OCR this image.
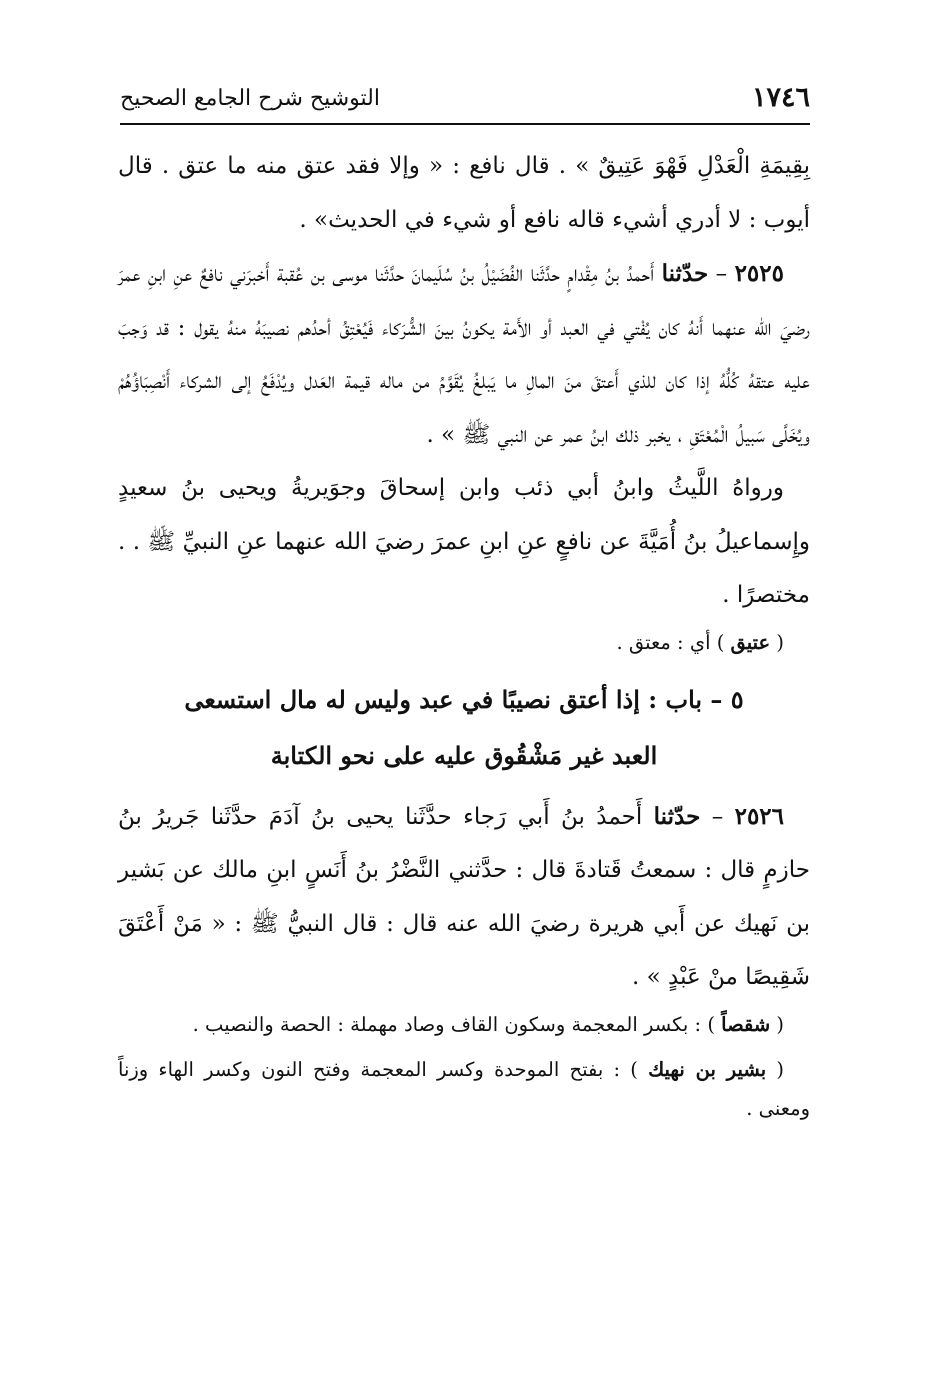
١٧٤٦
التوشيح شرح الجامع الصحيح

بِقِيمَةِ الْعَدْلِ فَهْوَ عَتِيقٌ » . قال نافع : « وإلا فقد عتق منه ما عتق . قال أيوب : لا أدري أشيء قاله نافع أو شيء في الحديث» .

٢٥٢٥ – حدّثنا أَحمدُ بنُ مِقْدامٍ حدَّثَنا الفُضَيْلُ بنُ سُلَيمانَ حدَّثَنا موسى بن عُقبة أَخبرَني نافعٌ عنِ ابنِ عمرَ رضيَ الله عنهما أَنهُ كان يُفْتي في العبد أو الأَمة يكونُ بينَ الشُّرَكاء فَيُعْتِقُ أحدُهم نصيبَهُ منهُ يقول : قد وَجبَ عليه عتقهُ كُلُّهُ إذا كان للذي أَعتقَ منَ المالِ ما يَبلغُ يُقَوَّمُ من ماله قيمة العَدل ويُدْفَعُ إلى الشركاء أَنْصِبَاؤُهُمْ ويُخَلَّى سَبيلُ الْمُعْتَقِ ، يخبر ذلك ابنُ عمر عن النبي ﷺ » .

ورواهُ اللَّيثُ وابنُ أبي ذئب وابن إسحاقَ وجوَيريةُ ويحيى بنُ سعيدٍ وإِسماعيلُ بنُ أُمَيَّةَ عن نافعٍ عنِ ابنِ عمرَ رضيَ الله عنهما عنِ النبيِّ ﷺ . . مختصرًا .

( عتيق ) أي : معتق .

٥ – باب : إذا أعتق نصيبًا في عبد وليس له مال استسعى
العبد غير مَشْقُوق عليه على نحو الكتابة

٢٥٢٦ – حدّثنا أَحمدُ بنُ أَبي رَجاء حدَّثَنا يحيى بنُ آدَمَ حدَّثَنا جَريرُ بنُ حازمٍ قال : سمعتُ قَتادةَ قال : حدَّثني النَّضْرُ بنُ أَنَسٍ ابنِ مالك عن بَشير بن نَهيك عن أَبي هريرة رضيَ الله عنه قال : قال النبيُّ ﷺ : « مَنْ أَعْتَقَ شَقِيصًا منْ عَبْدٍ » .

( شقصاً ) : بكسر المعجمة وسكون القاف وصاد مهملة : الحصة والنصيب .

( بشير بن نهيك ) : بفتح الموحدة وكسر المعجمة وفتح النون وكسر الهاء وزناً ومعنى .
